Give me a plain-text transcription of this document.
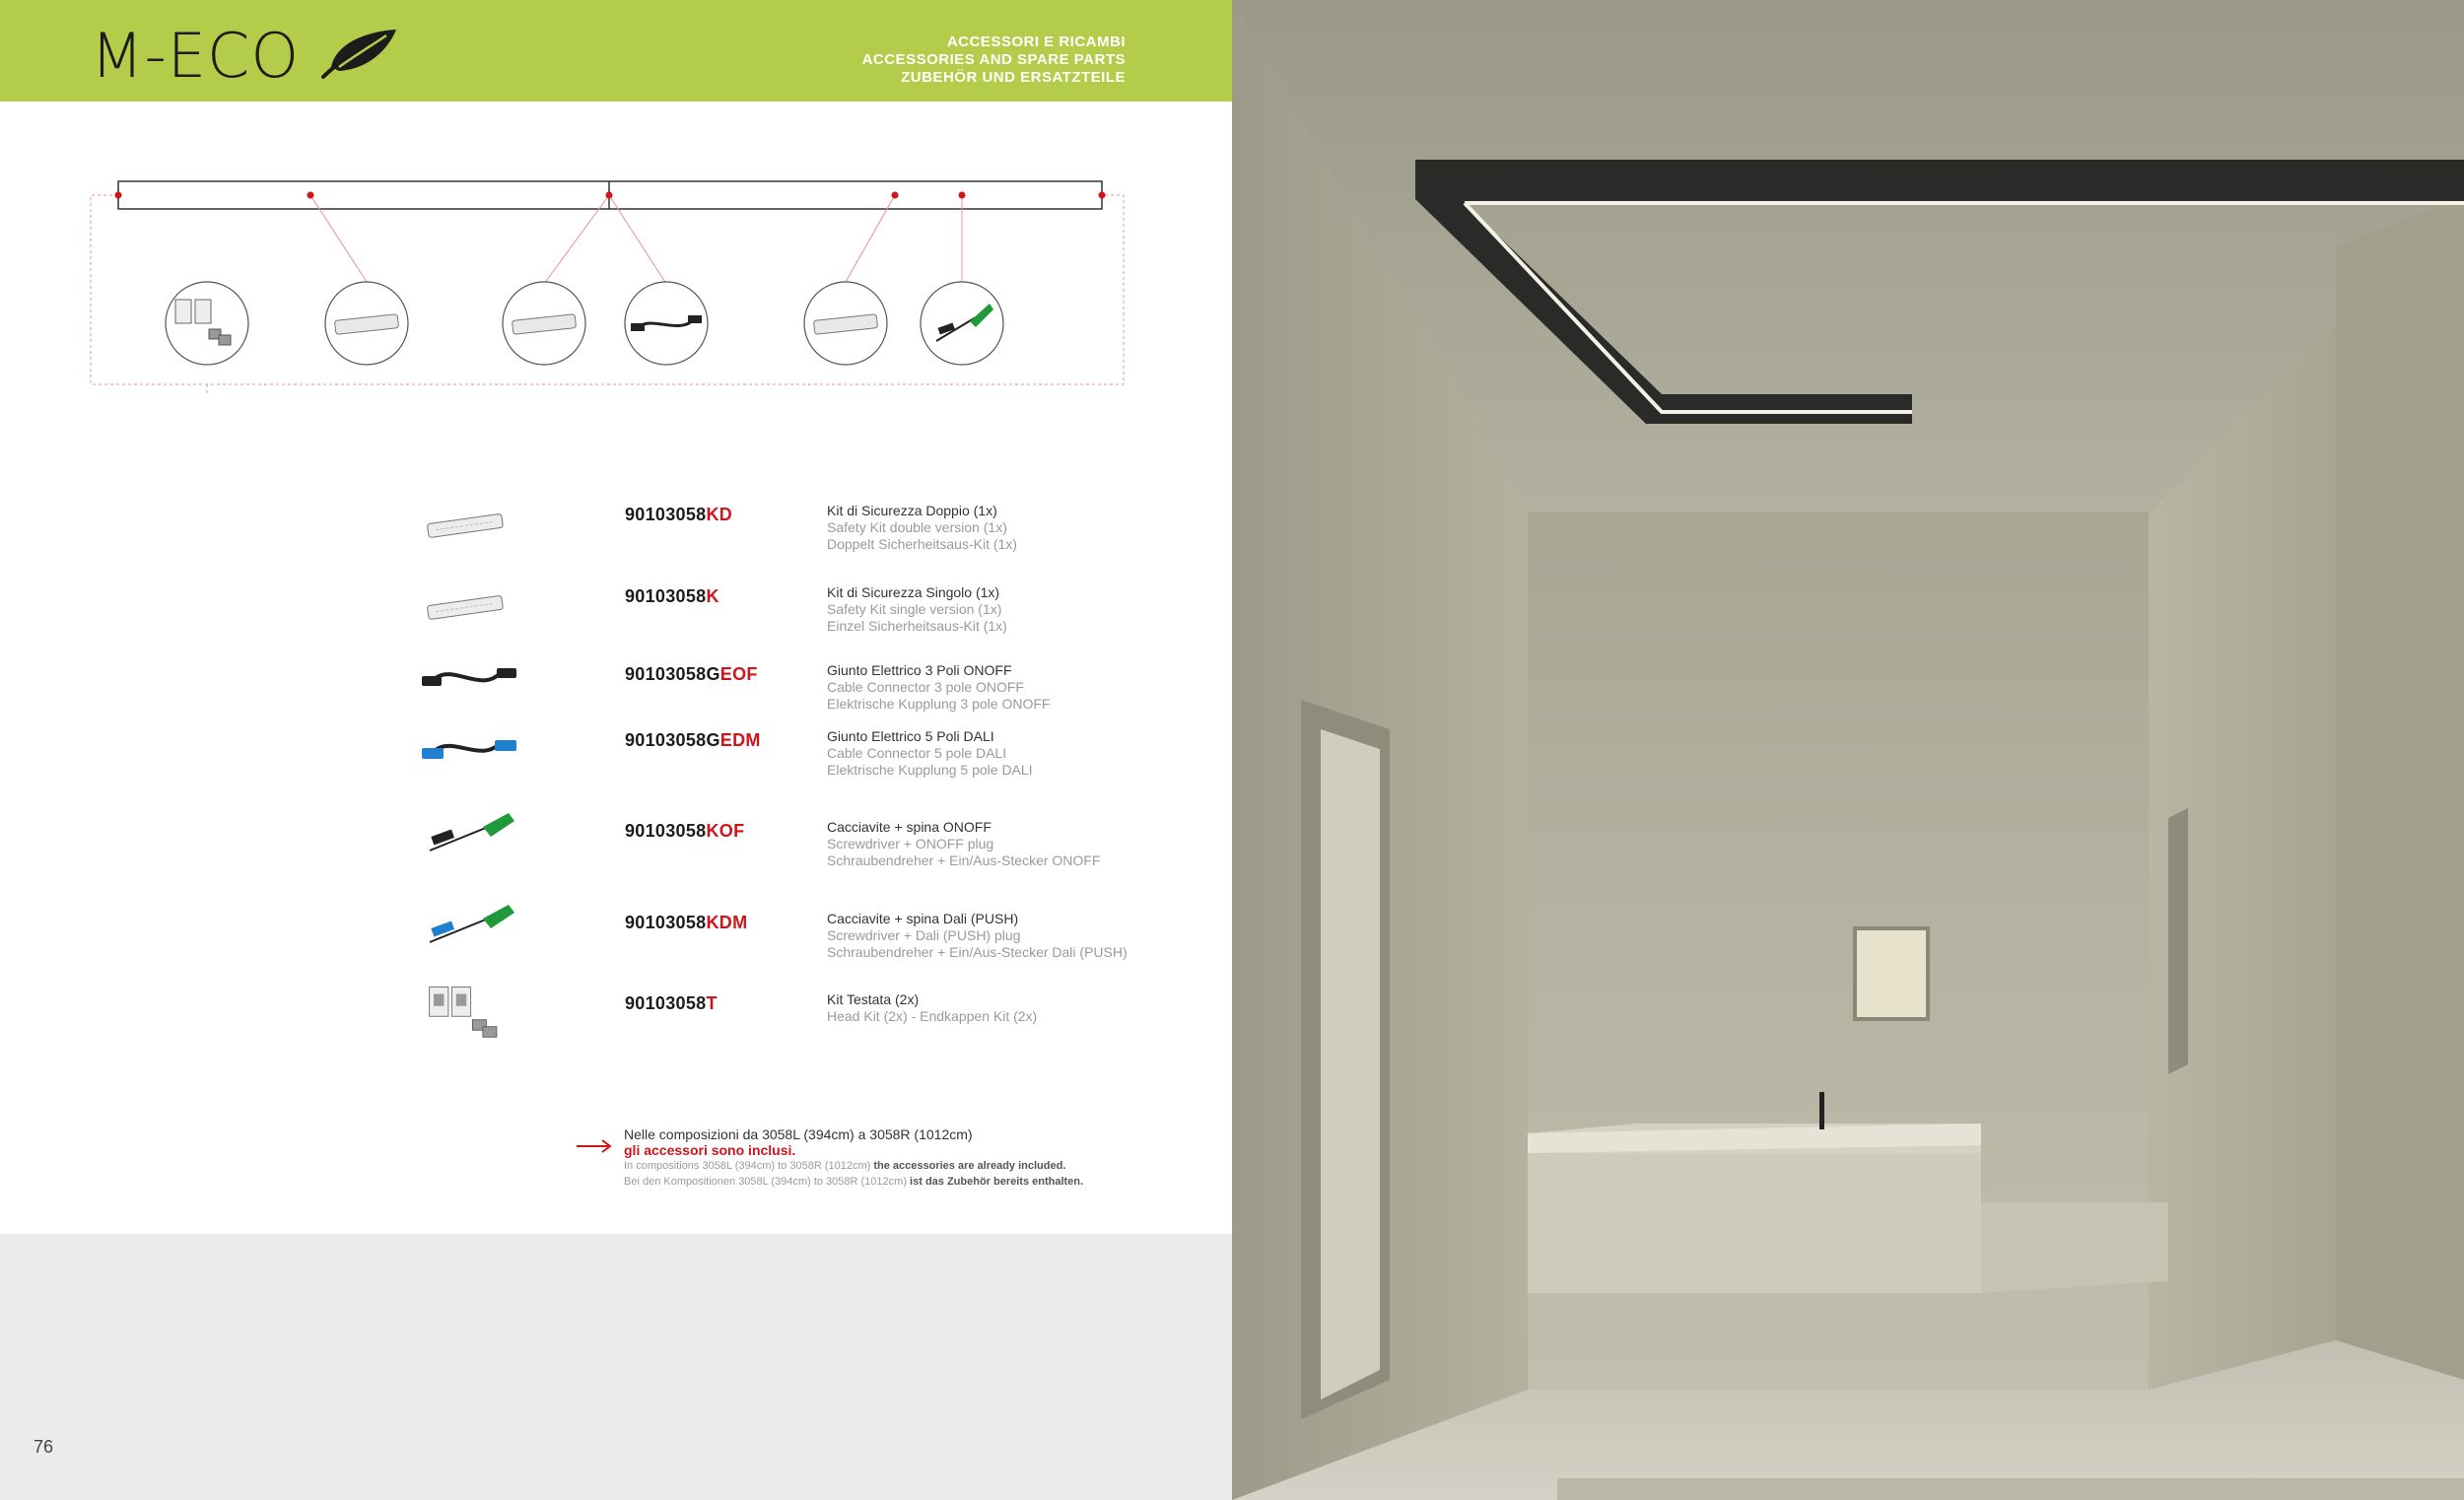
M-ECO	ACCESSORI E RICAMBI
ACCESSORIES AND SPARE PARTS
ZUBEHÖR UND ERSATZTEILE
90103058KD	Kit di Sicurezza Doppio (1x)
Safety Kit double version (1x)
Doppelt Sicherheitsaus-Kit (1x)
90103058K	Kit di Sicurezza Singolo (1x)
Safety Kit single version (1x)
Einzel Sicherheitsaus-Kit (1x)
90103058GEOF	Giunto Elettrico 3 Poli ONOFF
Cable Connector 3 pole ONOFF
Elektrische Kupplung 3 pole ONOFF
90103058GEDM	Giunto Elettrico 5 Poli DALI
Cable Connector 5 pole DALI
Elektrische Kupplung 5 pole DALI
90103058KOF	Cacciavite + spina ONOFF
Screwdriver + ONOFF plug
Schraubendreher + Ein/Aus-Stecker ONOFF
90103058KDM	Cacciavite + spina Dali (PUSH)
Screwdriver + Dali (PUSH) plug
Schraubendreher + Ein/Aus-Stecker Dali (PUSH)
90103058T	Kit Testata (2x)
Head Kit (2x) - Endkappen Kit (2x)
Nelle composizioni da 3058L (394cm) a 3058R (1012cm)
gli accessori sono inclusi.
In compositions 3058L (394cm) to 3058R (1012cm) the accessories are already included.
Bei den Kompositionen 3058L (394cm) to 3058R (1012cm) ist das Zubehör bereits enthalten.
76
